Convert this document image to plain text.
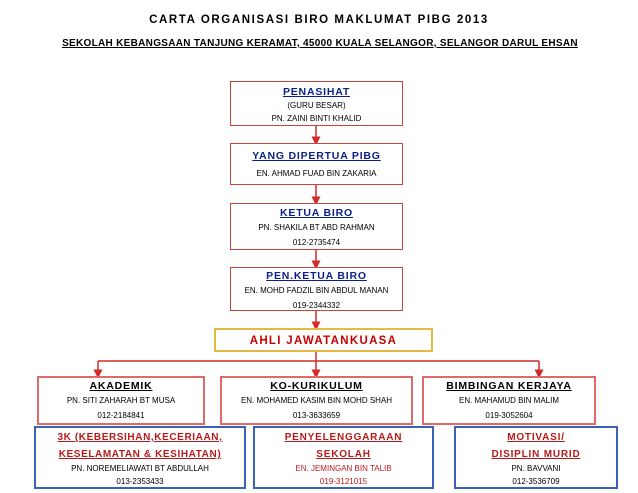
CARTA ORGANISASI BIRO MAKLUMAT PIBG 2013
SEKOLAH KEBANGSAAN TANJUNG KERAMAT, 45000 KUALA SELANGOR, SELANGOR DARUL EHSAN
PENASIHAT
(GURU BESAR)
PN. ZAINI BINTI KHALID
YANG DIPERTUA PIBG
EN. AHMAD FUAD BIN ZAKARIA
KETUA BIRO
PN. SHAKILA BT ABD RAHMAN
012-2735474
PEN.KETUA BIRO
EN. MOHD FADZIL BIN ABDUL MANAN
019-2344332
AHLI JAWATANKUASA
AKADEMIK
PN. SITI ZAHARAH BT MUSA
012-2184841
KO-KURIKULUM
EN. MOHAMED KASIM BIN MOHD SHAH
013-3633659
BIMBINGAN KERJAYA
EN. MAHAMUD BIN MALIM
019-3052604
3K (KEBERSIHAN,KECERIAAN,
KESELAMATAN & KESIHATAN)
PN. NOREMELIAWATI BT ABDULLAH
013-2353433
PENYELENGGARAAN
SEKOLAH
EN. JEMINGAN BIN TALIB
019-3121015
MOTIVASI/
DISIPLIN MURID
PN. BAVVANI
012-3536709
